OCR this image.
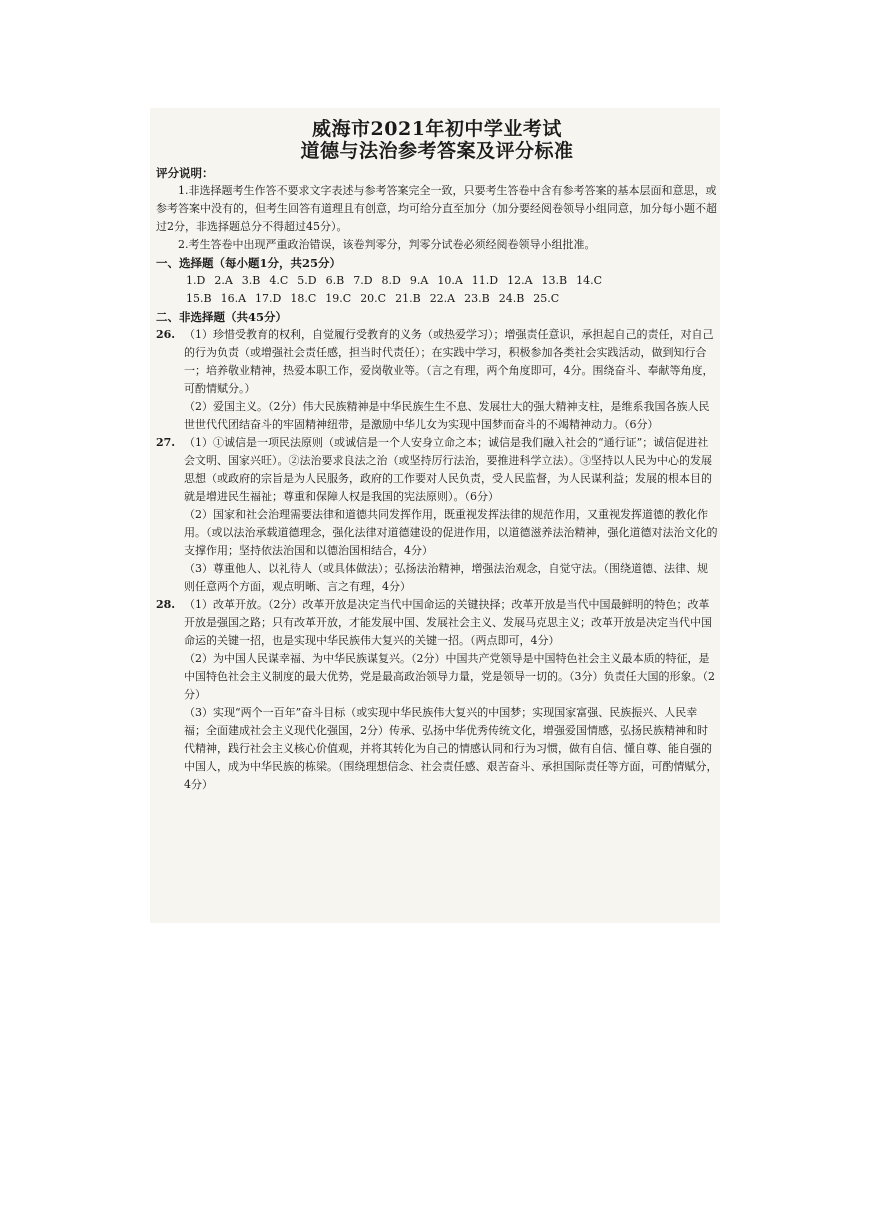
威海市2021年初中学业考试
道德与法治参考答案及评分标准

评分说明：

1.非选择题考生作答不要求文字表述与参考答案完全一致，只要考生答卷中含有参考答案的基本层面和意思，或参考答案中没有的，但考生回答有道理且有创意，均可给分直至加分（加分要经阅卷领导小组同意，加分每小题不超过2分，非选择题总分不得超过45分）。

2.考生答卷中出现严重政治错误，该卷判零分，判零分试卷必须经阅卷领导小组批准。

一、选择题（每小题1分，共25分）

1.D 2.A 3.B 4.C 5.D 6.B 7.D 8.D 9.A 10.A 11.D 12.A 13.B 14.C
15.B 16.A 17.D 18.C 19.C 20.C 21.B 22.A 23.B 24.B 25.C

二、非选择题（共45分）

26. （1）珍惜受教育的权利，自觉履行受教育的义务（或热爱学习）；增强责任意识，承担起自己的责任，对自己的行为负责（或增强社会责任感，担当时代责任）；在实践中学习，积极参加各类社会实践活动，做到知行合一；培养敬业精神，热爱本职工作，爱岗敬业等。（言之有理，两个角度即可，4分。围绕奋斗、奉献等角度，可酌情赋分。）

（2）爱国主义。（2分）伟大民族精神是中华民族生生不息、发展壮大的强大精神支柱，是维系我国各族人民世世代代团结奋斗的牢固精神纽带，是激励中华儿女为实现中国梦而奋斗的不竭精神动力。（6分）

27. （1）①诚信是一项民法原则（或诚信是一个人安身立命之本；诚信是我们融入社会的“通行证”；诚信促进社会文明、国家兴旺）。②法治要求良法之治（或坚持厉行法治，要推进科学立法）。③坚持以人民为中心的发展思想（或政府的宗旨是为人民服务，政府的工作要对人民负责，受人民监督，为人民谋利益；发展的根本目的就是增进民生福祉；尊重和保障人权是我国的宪法原则）。（6分）

（2）国家和社会治理需要法律和道德共同发挥作用，既重视发挥法律的规范作用，又重视发挥道德的教化作用。（或以法治承载道德理念，强化法律对道德建设的促进作用，以道德滋养法治精神，强化道德对法治文化的支撑作用；坚持依法治国和以德治国相结合，4分）

（3）尊重他人、以礼待人（或具体做法）；弘扬法治精神，增强法治观念，自觉守法。（围绕道德、法律、规则任意两个方面，观点明晰、言之有理，4分）

28. （1）改革开放。（2分）改革开放是决定当代中国命运的关键抉择；改革开放是当代中国最鲜明的特色；改革开放是强国之路；只有改革开放，才能发展中国、发展社会主义、发展马克思主义；改革开放是决定当代中国命运的关键一招，也是实现中华民族伟大复兴的关键一招。（两点即可，4分）

（2）为中国人民谋幸福、为中华民族谋复兴。（2分）中国共产党领导是中国特色社会主义最本质的特征，是中国特色社会主义制度的最大优势，党是最高政治领导力量，党是领导一切的。（3分）负责任大国的形象。（2分）

（3）实现“两个一百年”奋斗目标（或实现中华民族伟大复兴的中国梦；实现国家富强、民族振兴、人民幸福；全面建成社会主义现代化强国，2分）传承、弘扬中华优秀传统文化，增强爱国情感，弘扬民族精神和时代精神，践行社会主义核心价值观，并将其转化为自己的情感认同和行为习惯，做有自信、懂自尊、能自强的中国人，成为中华民族的栋梁。（围绕理想信念、社会责任感、艰苦奋斗、承担国际责任等方面，可酌情赋分，4分）
